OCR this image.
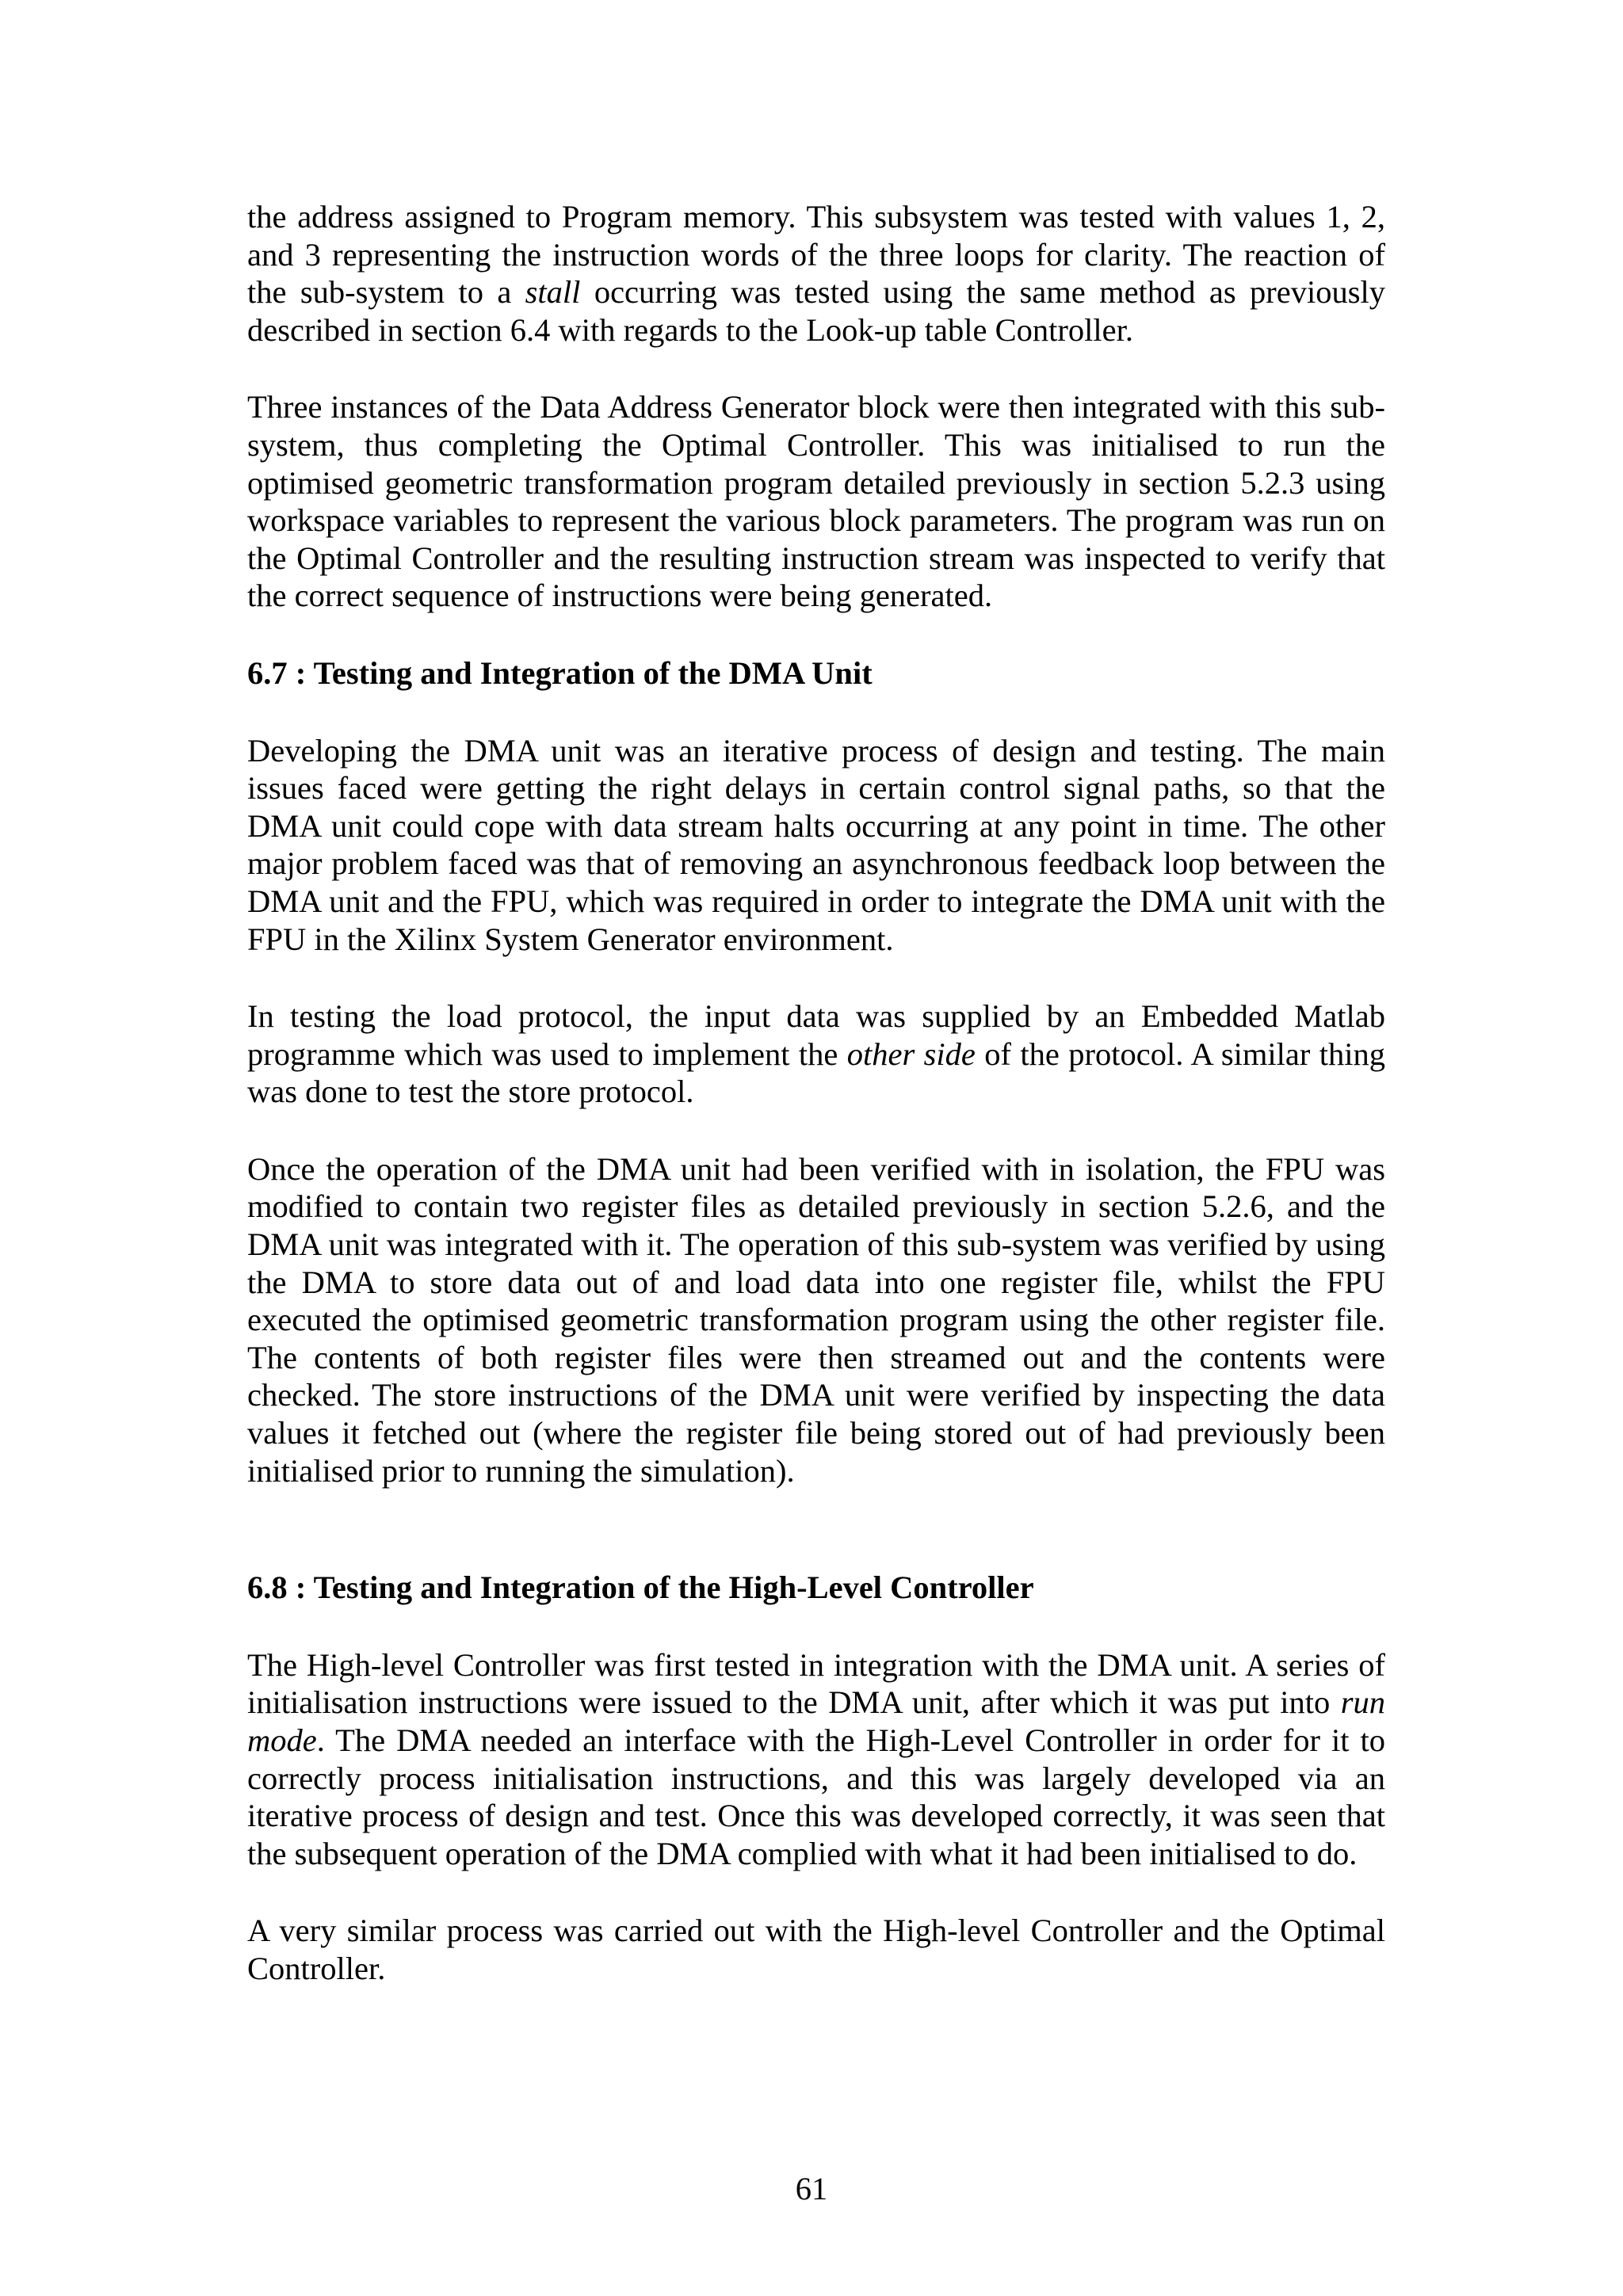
the address assigned to Program memory. This subsystem was tested with values 1, 2, and 3 representing the instruction words of the three loops for clarity. The reaction of the sub-system to a stall occurring was tested using the same method as previously described in section 6.4 with regards to the Look-up table Controller.

Three instances of the Data Address Generator block were then integrated with this sub-system, thus completing the Optimal Controller. This was initialised to run the optimised geometric transformation program detailed previously in section 5.2.3 using workspace variables to represent the various block parameters. The program was run on the Optimal Controller and the resulting instruction stream was inspected to verify that the correct sequence of instructions were being generated.

6.7 : Testing and Integration of the DMA Unit

Developing the DMA unit was an iterative process of design and testing. The main issues faced were getting the right delays in certain control signal paths, so that the DMA unit could cope with data stream halts occurring at any point in time. The other major problem faced was that of removing an asynchronous feedback loop between the DMA unit and the FPU, which was required in order to integrate the DMA unit with the FPU in the Xilinx System Generator environment.

In testing the load protocol, the input data was supplied by an Embedded Matlab programme which was used to implement the other side of the protocol. A similar thing was done to test the store protocol.

Once the operation of the DMA unit had been verified with in isolation, the FPU was modified to contain two register files as detailed previously in section 5.2.6, and the DMA unit was integrated with it. The operation of this sub-system was verified by using the DMA to store data out of and load data into one register file, whilst the FPU executed the optimised geometric transformation program using the other register file. The contents of both register files were then streamed out and the contents were checked. The store instructions of the DMA unit were verified by inspecting the data values it fetched out (where the register file being stored out of had previously been initialised prior to running the simulation).

6.8 : Testing and Integration of the High-Level Controller

The High-level Controller was first tested in integration with the DMA unit. A series of initialisation instructions were issued to the DMA unit, after which it was put into run mode. The DMA needed an interface with the High-Level Controller in order for it to correctly process initialisation instructions, and this was largely developed via an iterative process of design and test. Once this was developed correctly, it was seen that the subsequent operation of the DMA complied with what it had been initialised to do.

A very similar process was carried out with the High-level Controller and the Optimal Controller.

61
